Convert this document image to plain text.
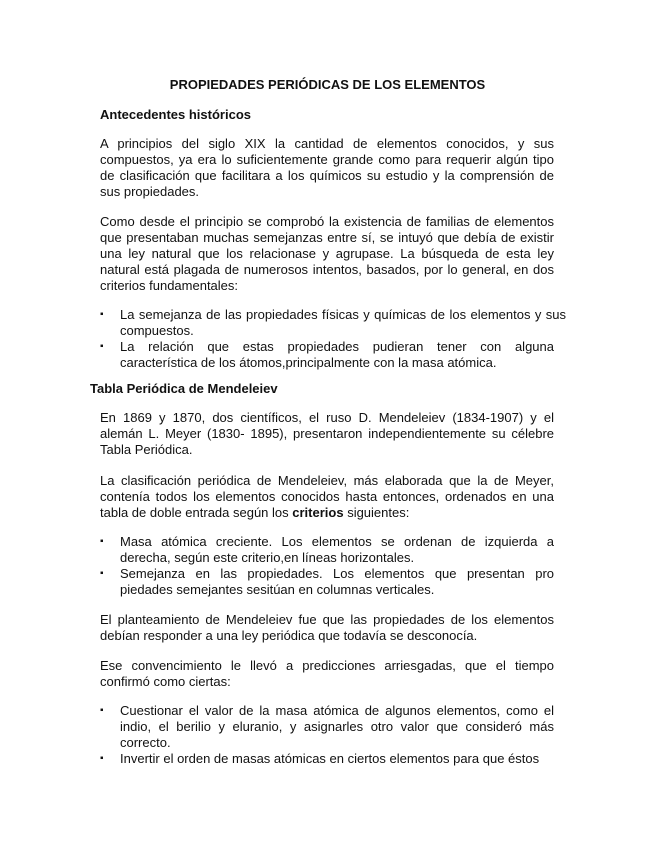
PROPIEDADES PERIÓDICAS DE LOS ELEMENTOS
Antecedentes históricos
A principios del siglo XIX la cantidad de elementos conocidos, y sus compuestos, ya era lo suficientemente grande como para requerir algún tipo de clasificación que facilitara a los químicos su estudio y la comprensión de sus propiedades.
Como desde el principio se comprobó la existencia de familias de elementos que presentaban muchas semejanzas entre sí, se intuyó que debía de existir una ley natural que los relacionase y agrupase. La búsqueda de esta ley natural está plagada de numerosos intentos, basados, por lo general, en dos criterios fundamentales:
▪ La semejanza de las propiedades físicas y químicas de los elementos y sus compuestos.
▪ La relación que estas propiedades pudieran tener con alguna característica de los átomos,principalmente con la masa atómica.
Tabla Periódica de Mendeleiev
En 1869 y 1870, dos científicos, el ruso D. Mendeleiev (1834-1907) y el alemán L. Meyer (1830- 1895), presentaron independientemente su célebre Tabla Periódica.
La clasificación periódica de Mendeleiev, más elaborada que la de Meyer, contenía todos los elementos conocidos hasta entonces, ordenados en una tabla de doble entrada según los criterios siguientes:
▪ Masa atómica creciente. Los elementos se ordenan de izquierda a derecha, según este criterio,en líneas horizontales.
▪ Semejanza en las propiedades. Los elementos que presentan pro piedades semejantes sesitúan en columnas verticales.
El planteamiento de Mendeleiev fue que las propiedades de los elementos debían responder a una ley periódica que todavía se desconocía.
Ese convencimiento le llevó a predicciones arriesgadas, que el tiempo confirmó como ciertas:
▪ Cuestionar el valor de la masa atómica de algunos elementos, como el indio, el berilio y eluranio, y asignarles otro valor que consideró más correcto.
▪ Invertir el orden de masas atómicas en ciertos elementos para que éstos
